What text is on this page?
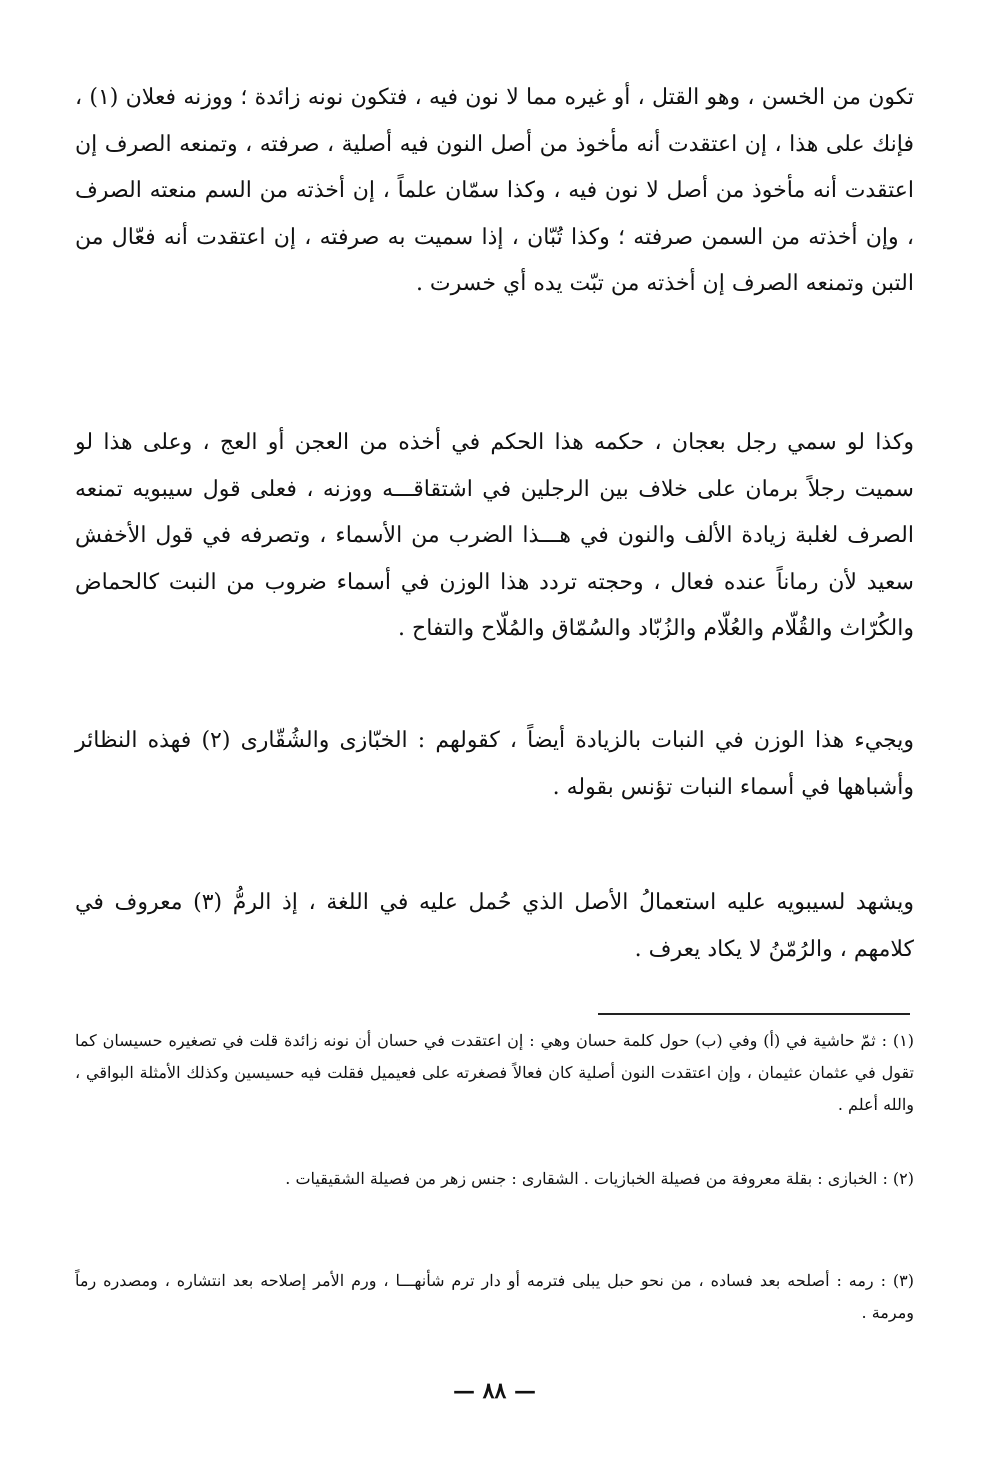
تكون من الخسن ، وهو القتل ، أو غيره مما لا نون فيه ، فتكون نونه زائدة ؛ ووزنه فعلان (١) ، فإنك على هذا ، إن اعتقدت أنه مأخوذ من أصل النون فيه أصلية ، صرفته ، وتمنعه الصرف إن اعتقدت أنه مأخوذ من أصل لا نون فيه ، وكذا سمّان علماً ، إن أخذته من السم منعته الصرف ، وإن أخذته من السمن صرفته ؛ وكذا تُبّان ، إذا سميت به صرفته ، إن اعتقدت أنه فعّال من التبن وتمنعه الصرف إن أخذته من تبّت يده أي خسرت .

وكذا لو سمي رجل بعجان ، حكمه هذا الحكم في أخذه من العجن أو العج ، وعلى هذا لو سميت رجلاً برمان على خلاف بين الرجلين في اشتقاقـــه ووزنه ، فعلى قول سيبويه تمنعه الصرف لغلبة زيادة الألف والنون في هـــذا الضرب من الأسماء ، وتصرفه في قول الأخفش سعيد لأن رماناً عنده فعال ، وحجته تردد هذا الوزن في أسماء ضروب من النبت كالحماض والكُرّاث والقُلّام والعُلّام والزُبّاد والسُمّاق والمُلّاح والتفاح .

ويجيء هذا الوزن في النبات بالزيادة أيضاً ، كقولهم : الخبّازى والشُقّارى (٢) فهذه النظائر وأشباهها في أسماء النبات تؤنس بقوله .

ويشهد لسيبويه عليه استعمالُ الأصل الذي حُمل عليه في اللغة ، إذ الرمُّ (٣) معروف في كلامهم ، والرُمّنُ لا يكاد يعرف .

(١) : ثمّ حاشية في (أ) وفي (ب) حول كلمة حسان وهي : إن اعتقدت في حسان أن نونه زائدة قلت في تصغيره حسيسان كما تقول في عثمان عثيمان ، وإن اعتقدت النون أصلية كان فعالاً فصغرته على فعيميل فقلت فيه حسيسين وكذلك الأمثلة البواقي ، والله أعلم .

(٢) : الخبازى : بقلة معروفة من فصيلة الخبازيات . الشقارى : جنس زهر من فصيلة الشقيقيات .

(٣) : رمه : أصلحه بعد فساده ، من نحو حبل يبلى فترمه أو دار ترم شأنهـــا ، ورم الأمر إصلاحه بعد انتشاره ، ومصدره رماً ومرمة .

— ٨٨ —
